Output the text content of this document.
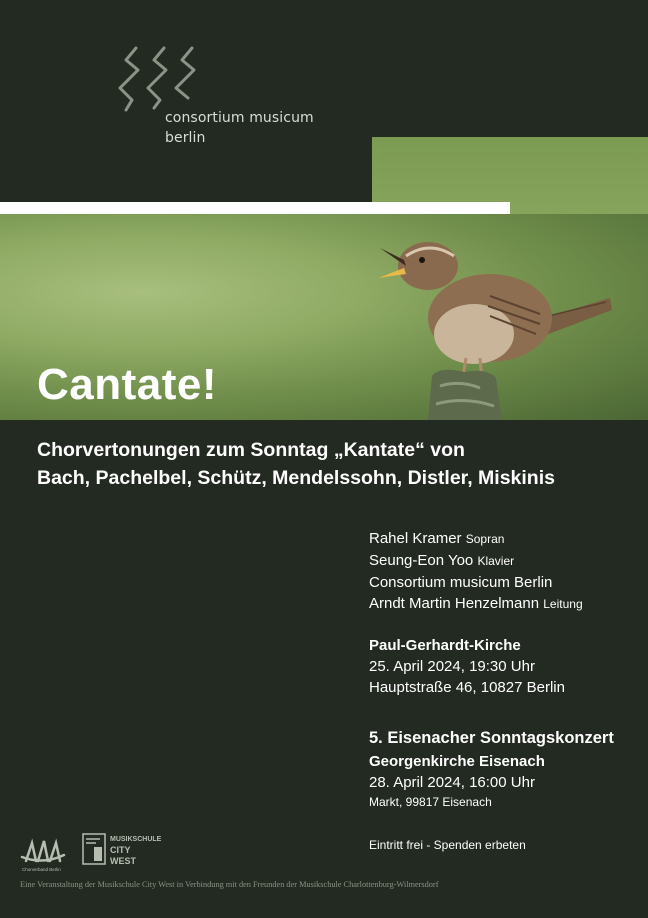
consortium musicum
berlin
Cantate!
Chorvertonungen zum Sonntag „Kantate“ von
Bach, Pachelbel, Schütz, Mendelssohn, Distler, Miskinis
Rahel Kramer Sopran
Seung-Eon Yoo Klavier
Consortium musicum Berlin
Arndt Martin Henzelmann Leitung
Paul-Gerhardt-Kirche
25. April 2024, 19:30 Uhr
Hauptstraße 46, 10827 Berlin
5. Eisenacher Sonntagskonzert
Georgenkirche Eisenach
28. April 2024, 16:00 Uhr
Markt, 99817 Eisenach
Eintritt frei - Spenden erbeten
Chorverband Berlin
MUSIKSCHULE
CITY
WEST
Eine Veranstaltung der Musikschule City West in Verbindung mit den Freunden der Musikschule Charlottenburg-Wilmersdorf
